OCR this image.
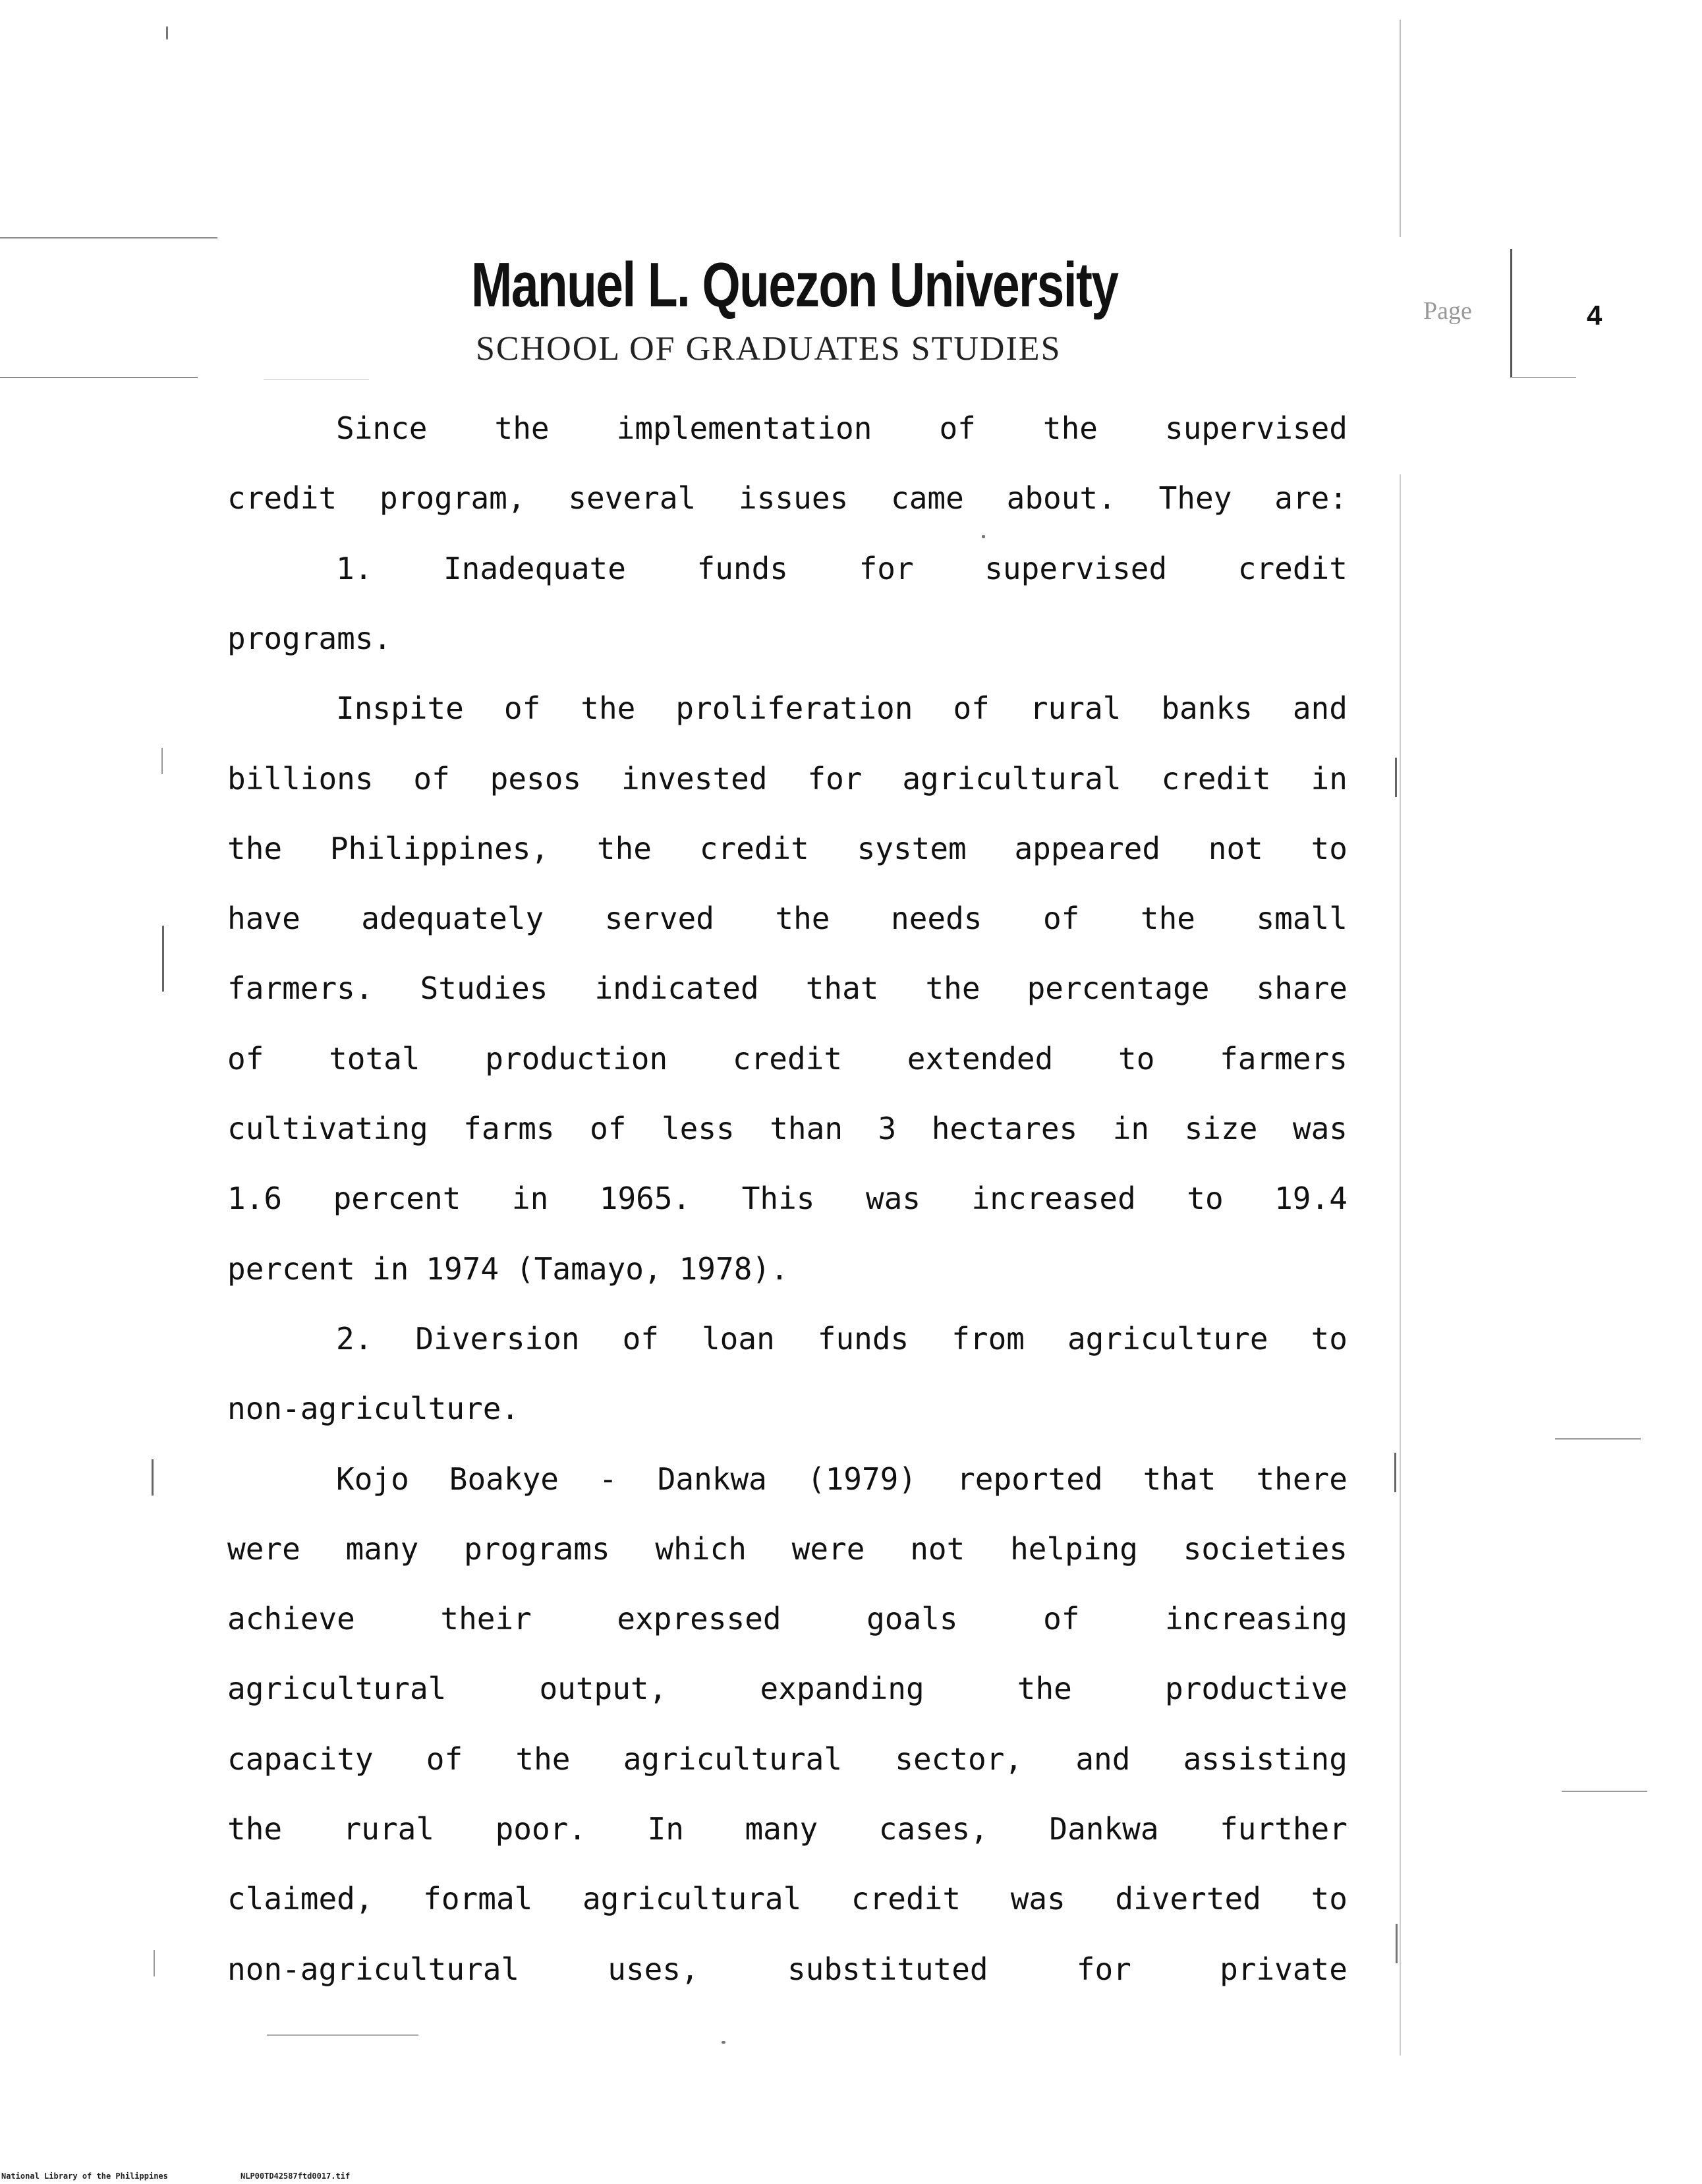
Manuel L. Quezon University
SCHOOL OF GRADUATES STUDIES
Page	4
Since the implementation of the supervised
credit program, several issues came about. They are:
1. Inadequate funds for supervised credit
programs.
Inspite of the proliferation of rural banks and
billions of pesos invested for agricultural credit in
the Philippines, the credit system appeared not to
have adequately served the needs of the small
farmers. Studies indicated that the percentage share
of total production credit extended to farmers
cultivating farms of less than 3 hectares in size was
1.6 percent in 1965. This was increased to 19.4
percent in 1974 (Tamayo, 1978).
2. Diversion of loan funds from agriculture to
non-agriculture.
Kojo Boakye - Dankwa (1979) reported that there
were many programs which were not helping societies
achieve	their	expressed	goals	of	increasing
agricultural	output,	expanding	the	productive
capacity of the agricultural sector, and assisting
the rural poor. In many cases, Dankwa further
claimed, formal agricultural credit was diverted to
non-agricultural	uses,	substituted	for	private
National Library of the Philippines	NLP00TD42587ftd0017.tif
